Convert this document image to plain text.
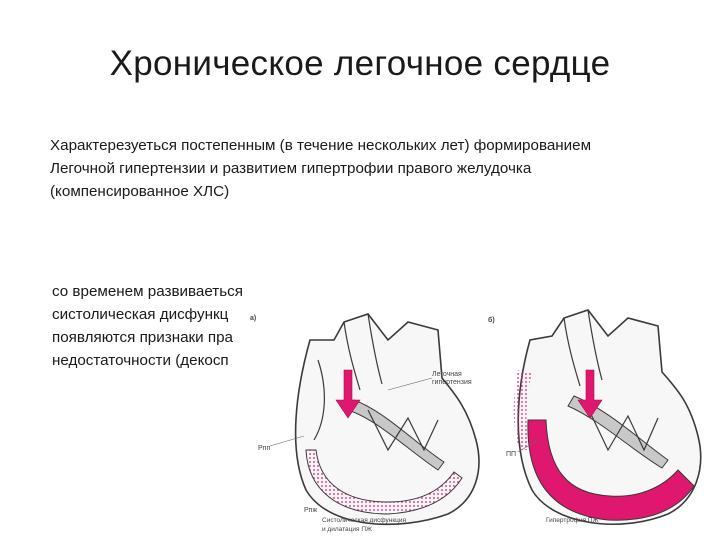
Хроническое легочное сердце
Характерезуеться постепенным (в течение нескольких лет) формированием
Легочной гипертензии и развитием гипертрофии правого желудочка
(компенсированное ХЛС)
со временем развиваеться
систолическая дисфункц
появляются признаки пра
недостаточности (декосп
а)
Легочная
гипертензия
Рпп
Рпж
Систолическая дисфункция
и дилатация ПЖ
б)
ПП
Гипертрофия ПЖ
